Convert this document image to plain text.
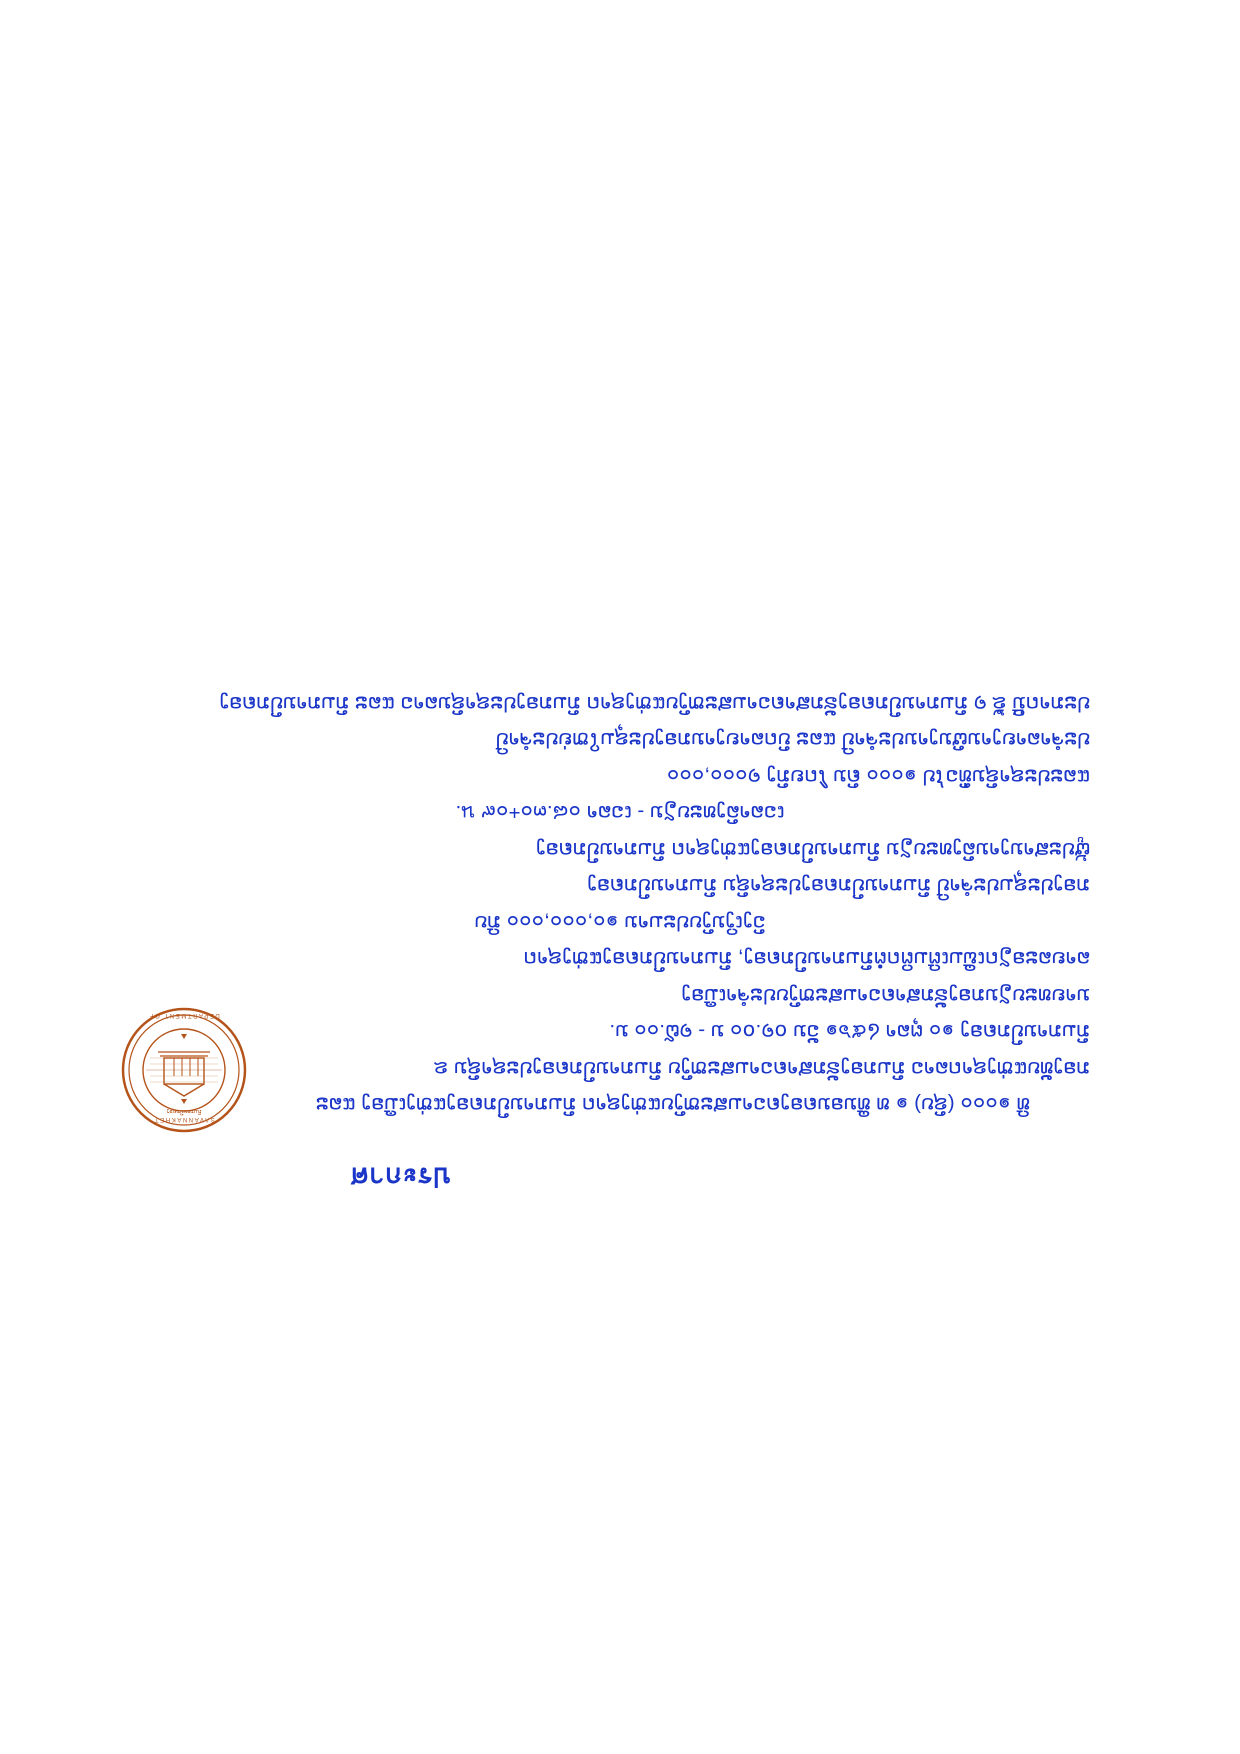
SAVANNAKHET
DEPARTMENT OF
ກົມການປົກຄອງ
ประกาศ

ທີ ๑๐๐๐ (ຊົບ) ๑ ທ ທີ່ນອນຄອງຄວາມສະຫງົບແຫ່ງຊາດ ກົມການປົກຄອງແຫ່ງເມືອງ ແລະ

ກອງທັບແຫ່ງຊາດລາວ ກົມກອງຮັກສາຄວາມສະຫງົບ ກົມການປົກຄອງປະຊາຊົນ ຂ

ກົມການປົກຄອງ ๑๐ ຕຸລາ ໒๕๖๑ ວັນ ໐໑.໐๐ ນ - ໑໖.๐๐ ນ.

ນາຍທະບຽນກອງຮັກສາຄວາມສະຫງົບປະຈຳເມືອງ

ລາຍລະອຽດເພີ່ມເຕີມຕິດຕໍ່ກົມການປົກຄອງ, ກົມການປົກຄອງແຫ່ງຊາດ

ວົງເງິນງົບປະມານ ๑๐,๐๐๐,๐๐๐ ກີບ

ກອງປະຊຸມປະຈຳປີ ກົມການປົກຄອງປະຊາຊົນ ກົມການປົກຄອງ

ຜູ້ປະສານງານລົງທະບຽນ ກົມການປົກຄອງແຫ່ງຊາດ ກົມການປົກຄອງ

ເວລາລົງທະບຽນ - ເວລາ ๐๘.๓๐+๐๙ น.

ແລະປະຊາຊົນທົ່ວໄປ ๑๐๐๐ ຄົນ ໂດຍກົງ ໑๐๐๐,๐๐๐

ປະຈຳລາຍງານຜົນງານປະຈຳປີ ແລະ ບົດລາຍງານກອງປະຊຸມໃຫຍ່ປະຈຳປີ

ປະກາດນີ້ ຂໍ້ ໑ ກົມການປົກຄອງຮັກສາຄວາມສະຫງົບແຫ່ງຊາດ ກົມກອງປະຊາຊົນລາວ ແລະ ກົມການປົກຄອງ
